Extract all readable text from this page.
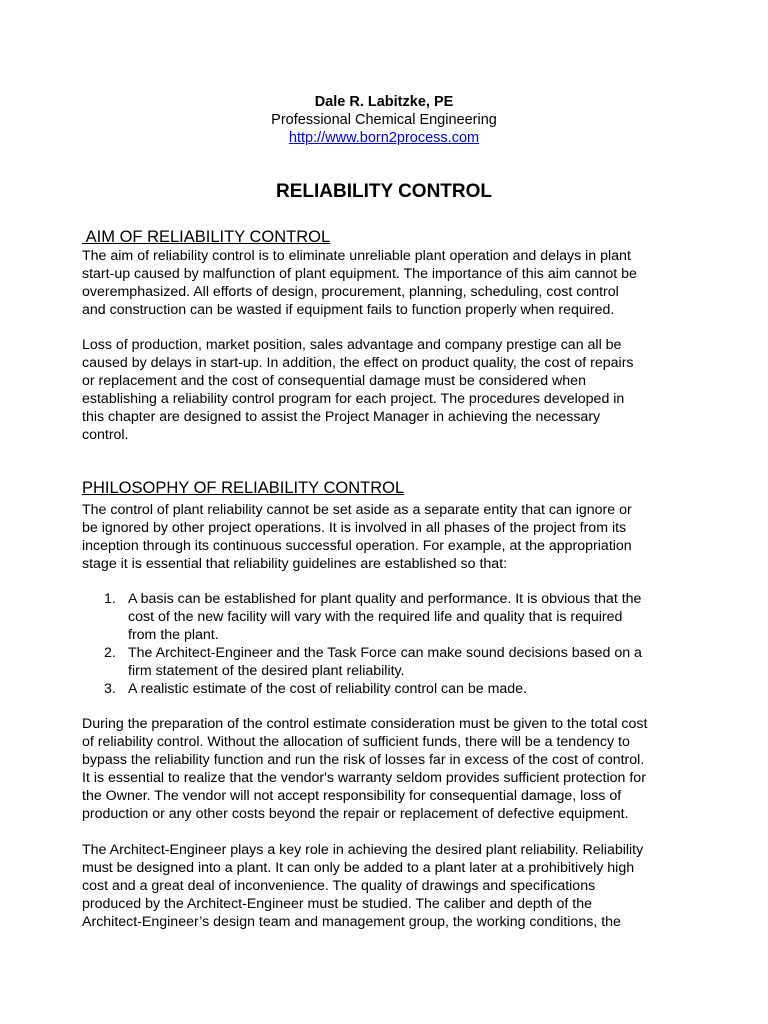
Dale R. Labitzke, PE
Professional Chemical Engineering
http://www.born2process.com
RELIABILITY CONTROL
AIM OF RELIABILITY CONTROL
The aim of reliability control is to eliminate unreliable plant operation and delays in plant
start-up caused by malfunction of plant equipment. The importance of this aim cannot be
overemphasized. All efforts of design, procurement, planning, scheduling, cost control
and construction can be wasted if equipment fails to function properly when required.
Loss of production, market position, sales advantage and company prestige can all be
caused by delays in start-up. In addition, the effect on product quality, the cost of repairs
or replacement and the cost of consequential damage must be considered when
establishing a reliability control program for each project. The procedures developed in
this chapter are designed to assist the Project Manager in achieving the necessary
control.
PHILOSOPHY OF RELIABILITY CONTROL
The control of plant reliability cannot be set aside as a separate entity that can ignore or
be ignored by other project operations. It is involved in all phases of the project from its
inception through its continuous successful operation. For example, at the appropriation
stage it is essential that reliability guidelines are established so that:
1. A basis can be established for plant quality and performance. It is obvious that the
cost of the new facility will vary with the required life and quality that is required
from the plant.
2. The Architect-Engineer and the Task Force can make sound decisions based on a
firm statement of the desired plant reliability.
3. A realistic estimate of the cost of reliability control can be made.
During the preparation of the control estimate consideration must be given to the total cost
of reliability control. Without the allocation of sufficient funds, there will be a tendency to
bypass the reliability function and run the risk of losses far in excess of the cost of control.
It is essential to realize that the vendor's warranty seldom provides sufficient protection for
the Owner. The vendor will not accept responsibility for consequential damage, loss of
production or any other costs beyond the repair or replacement of defective equipment.
The Architect-Engineer plays a key role in achieving the desired plant reliability. Reliability
must be designed into a plant. It can only be added to a plant later at a prohibitively high
cost and a great deal of inconvenience. The quality of drawings and specifications
produced by the Architect-Engineer must be studied. The caliber and depth of the
Architect-Engineer’s design team and management group, the working conditions, the
